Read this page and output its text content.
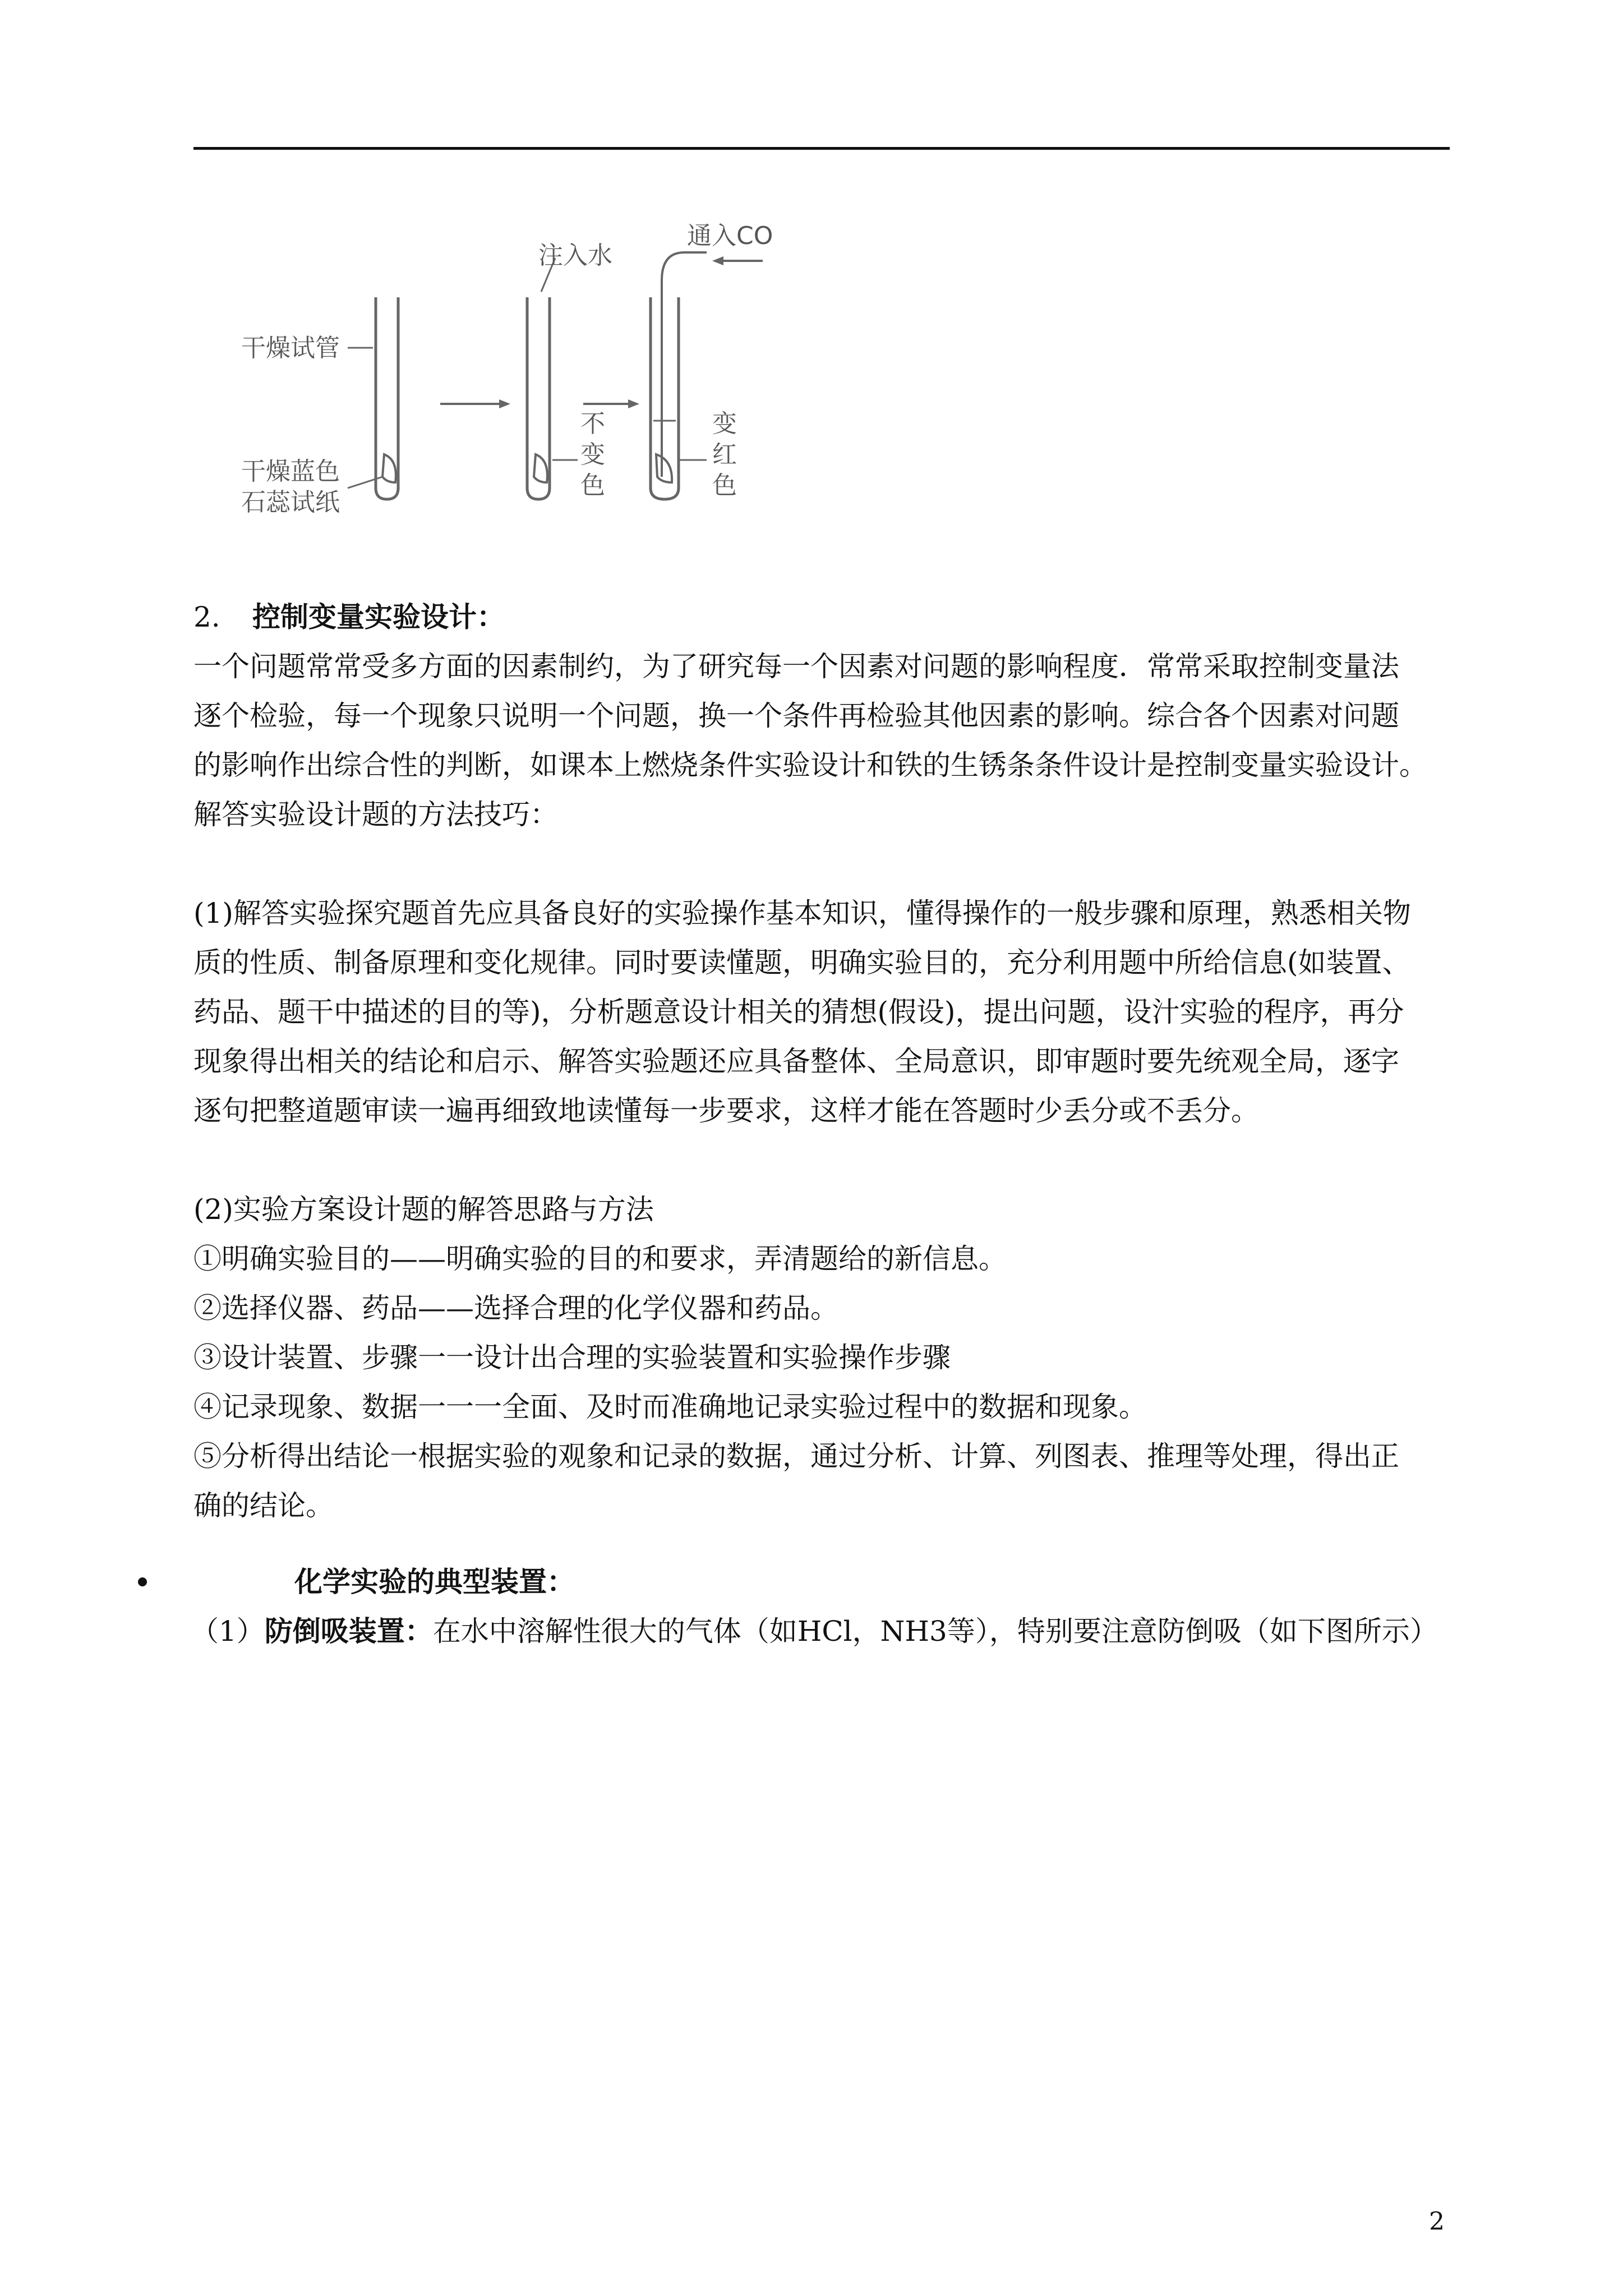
干燥试管
干燥蓝色
石蕊试纸
注入水
不
变
色
通入CO
变
红
色
2. 控制变量实验设计：
一个问题常常受多方面的因素制约，为了研究每一个因素对问题的影响程度．常常采取控制变量法
逐个检验，每一个现象只说明一个问题，换一个条件再检验其他因素的影响。综合各个因素对问题
的影响作出综合性的判断，如课本上燃烧条件实验设计和铁的生锈条条件设计是控制变量实验设计。
解答实验设计题的方法技巧：
(1)解答实验探究题首先应具备良好的实验操作基本知识，懂得操作的一般步骤和原理，熟悉相关物
质的性质、制备原理和变化规律。同时要读懂题，明确实验目的，充分利用题中所给信息(如装置、
药品、题干中描述的目的等)，分析题意设计相关的猜想(假设)，提出问题，设汁实验的程序，再分
现象得出相关的结论和启示、解答实验题还应具备整体、全局意识，即审题时要先统观全局，逐字
逐句把整道题审读一遍再细致地读懂每一步要求，这样才能在答题时少丢分或不丢分。
(2)实验方案设计题的解答思路与方法
①明确实验目的——明确实验的目的和要求，弄清题给的新信息。
②选择仪器、药品——选择合理的化学仪器和药品。
③设计装置、步骤一一设计出合理的实验装置和实验操作步骤
④记录现象、数据一一一全面、及时而准确地记录实验过程中的数据和现象。
⑤分析得出结论一根据实验的观象和记录的数据，通过分析、计算、列图表、推理等处理，得出正
确的结论。
化学实验的典型装置：
（1）防倒吸装置：在水中溶解性很大的气体（如HCl，NH3等），特别要注意防倒吸（如下图所示）
2
